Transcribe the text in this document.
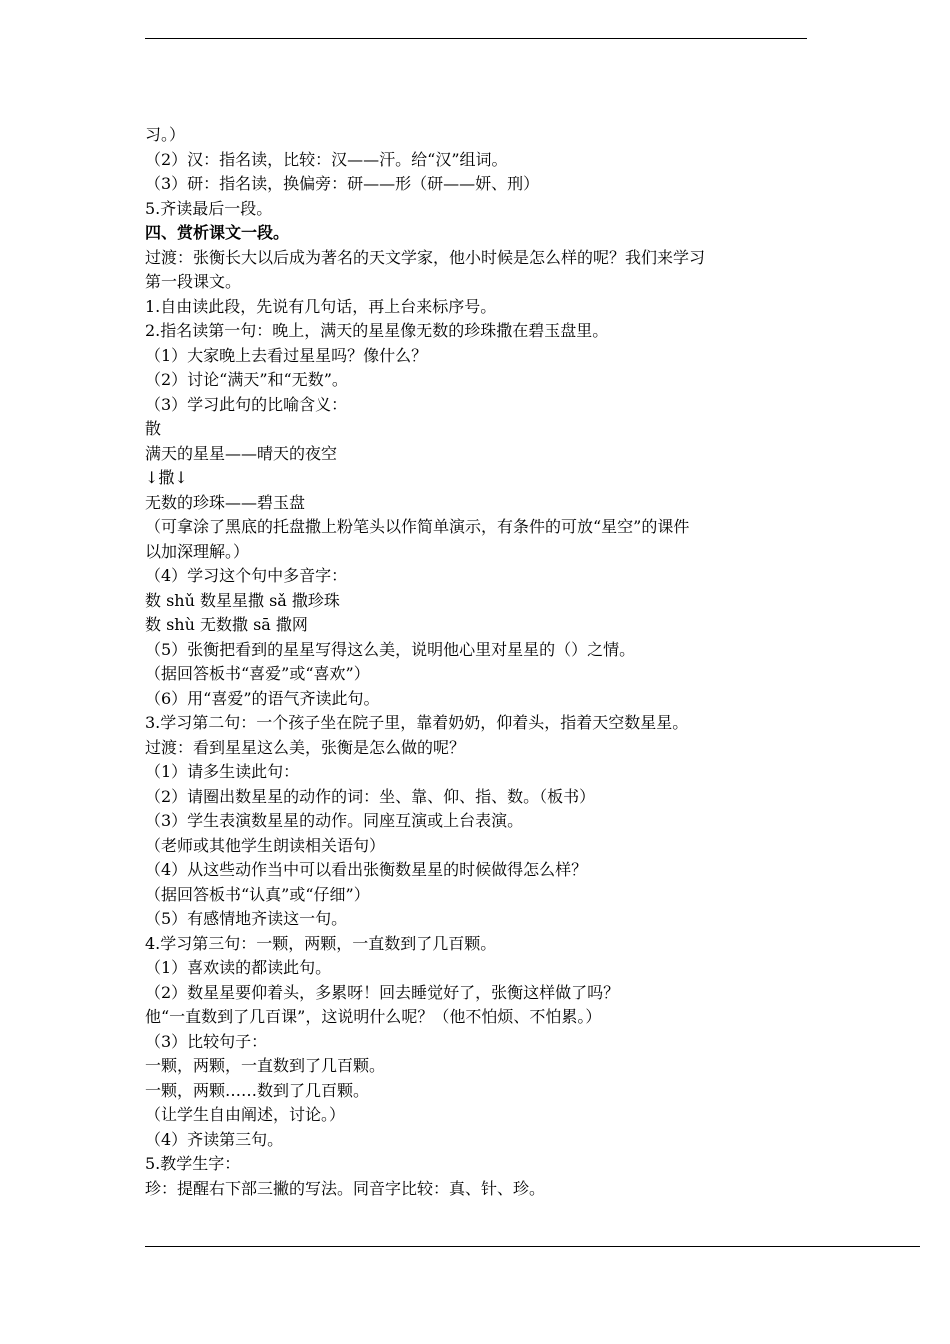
习。）
（2）汉：指名读，比较：汉——汗。给“汉”组词。
（3）研：指名读，换偏旁：研——形（研——妍、刑）
5.齐读最后一段。
四、赏析课文一段。
过渡：张衡长大以后成为著名的天文学家，他小时候是怎么样的呢？我们来学习
第一段课文。
1.自由读此段，先说有几句话，再上台来标序号。
2.指名读第一句：晚上，满天的星星像无数的珍珠撒在碧玉盘里。
（1）大家晚上去看过星星吗？像什么？
（2）讨论“满天”和“无数”。
（3）学习此句的比喻含义：
散
满天的星星——晴天的夜空
↓撒↓
无数的珍珠——碧玉盘
（可拿涂了黑底的托盘撒上粉笔头以作简单演示，有条件的可放“星空”的课件
以加深理解。）
（4）学习这个句中多音字：
数 shǔ 数星星撒 sǎ 撒珍珠
数 shù 无数撒 sā 撒网
（5）张衡把看到的星星写得这么美，说明他心里对星星的（）之情。
（据回答板书“喜爱”或“喜欢”）
（6）用“喜爱”的语气齐读此句。
3.学习第二句：一个孩子坐在院子里，靠着奶奶，仰着头，指着天空数星星。
过渡：看到星星这么美，张衡是怎么做的呢？
（1）请多生读此句：
（2）请圈出数星星的动作的词：坐、靠、仰、指、数。（板书）
（3）学生表演数星星的动作。同座互演或上台表演。
（老师或其他学生朗读相关语句）
（4）从这些动作当中可以看出张衡数星星的时候做得怎么样？
（据回答板书“认真”或“仔细”）
（5）有感情地齐读这一句。
4.学习第三句：一颗，两颗，一直数到了几百颗。
（1）喜欢读的都读此句。
（2）数星星要仰着头，多累呀！回去睡觉好了，张衡这样做了吗？
他“一直数到了几百课”，这说明什么呢？（他不怕烦、不怕累。）
（3）比较句子：
一颗，两颗，一直数到了几百颗。
一颗，两颗……数到了几百颗。
（让学生自由阐述，讨论。）
（4）齐读第三句。
5.教学生字：
珍：提醒右下部三撇的写法。同音字比较：真、针、珍。
